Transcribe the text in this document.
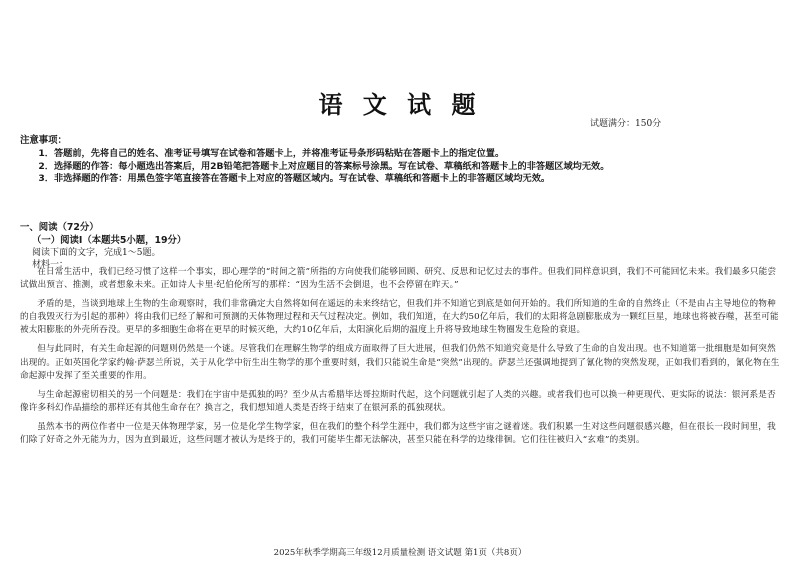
语 文 试 题
试题满分：150分
注意事项：

1．答题前，先将自己的姓名、准考证号填写在试卷和答题卡上，并将准考证号条形码粘贴在答题卡上的指定位置。

2．选择题的作答：每小题选出答案后，用2B铅笔把答题卡上对应题目的答案标号涂黑。写在试卷、草稿纸和答题卡上的非答题区域均无效。

3．非选择题的作答：用黑色签字笔直接答在答题卡上对应的答题区域内。写在试卷、草稿纸和答题卡上的非答题区域均无效。

一、阅读（72分）
（一）阅读Ⅰ（本题共5小题，19分）
阅读下面的文字，完成1～5题。
材料一：

在日常生活中，我们已经习惯了这样一个事实，即心理学的“时间之箭”所指的方向使我们能够回顾、研究、反思和记忆过去的事件。但我们同样意识到，我们不可能回忆未来。我们最多只能尝试做出预言、推测，或者想象未来。正如诗人卡里·纪伯伦所写的那样：“因为生活不会倒退，也不会停留在昨天。”

矛盾的是，当谈到地球上生物的生命观察时，我们非常确定大自然将如何在遥远的未来终结它，但我们并不知道它到底是如何开始的。我们所知道的生命的自然终止（不是由占主导地位的物种的自我毁灭行为引起的那种）将由我们已经了解和可预测的天体物理过程和天气过程决定。例如，我们知道，在大约50亿年后，我们的太阳将急剧膨胀成为一颗红巨星，地球也将被吞噬，甚至可能被太阳膨胀的外壳所吞没。更早的多细胞生命将在更早的时候灭绝，大约10亿年后，太阳演化后期的温度上升将导致地球生物圈发生危险的衰退。

但与此同时，有关生命起源的问题则仍然是一个谜。尽管我们在理解生物学的组成方面取得了巨大进展，但我们仍然不知道究竟是什么导致了生命的自发出现。也不知道第一批细胞是如何突然出现的。正如英国化学家约翰·萨瑟兰所说，关于从化学中衍生出生物学的那个重要时刻，我们只能说生命是“突然”出现的。萨瑟兰还强调地提到了氰化物的突然发现，正如我们看到的，氰化物在生命起源中发挥了至关重要的作用。

与生命起源密切相关的另一个问题是：我们在宇宙中是孤独的吗？至少从古希腊毕达哥拉斯时代起，这个问题就引起了人类的兴趣。或者我们也可以换一种更现代、更实际的说法：银河系是否像许多科幻作品描绘的那样还有其他生命存在？换言之，我们想知道人类是否终于结束了在银河系的孤独现状。

虽然本书的两位作者中一位是天体物理学家，另一位是化学生物学家，但在我们的整个科学生涯中，我们都为这些宇宙之谜着迷。我们积累一生对这些问题很感兴趣，但在很长一段时间里，我们除了好奇之外无能为力，因为直到最近，这些问题才被认为是终于的，我们可能毕生都无法解决，甚至只能在科学的边缘徘徊。它们往往被归入“玄难”的类别。

2025年秋季学期高三年级12月质量检测 语文试题 第1页（共8页）
